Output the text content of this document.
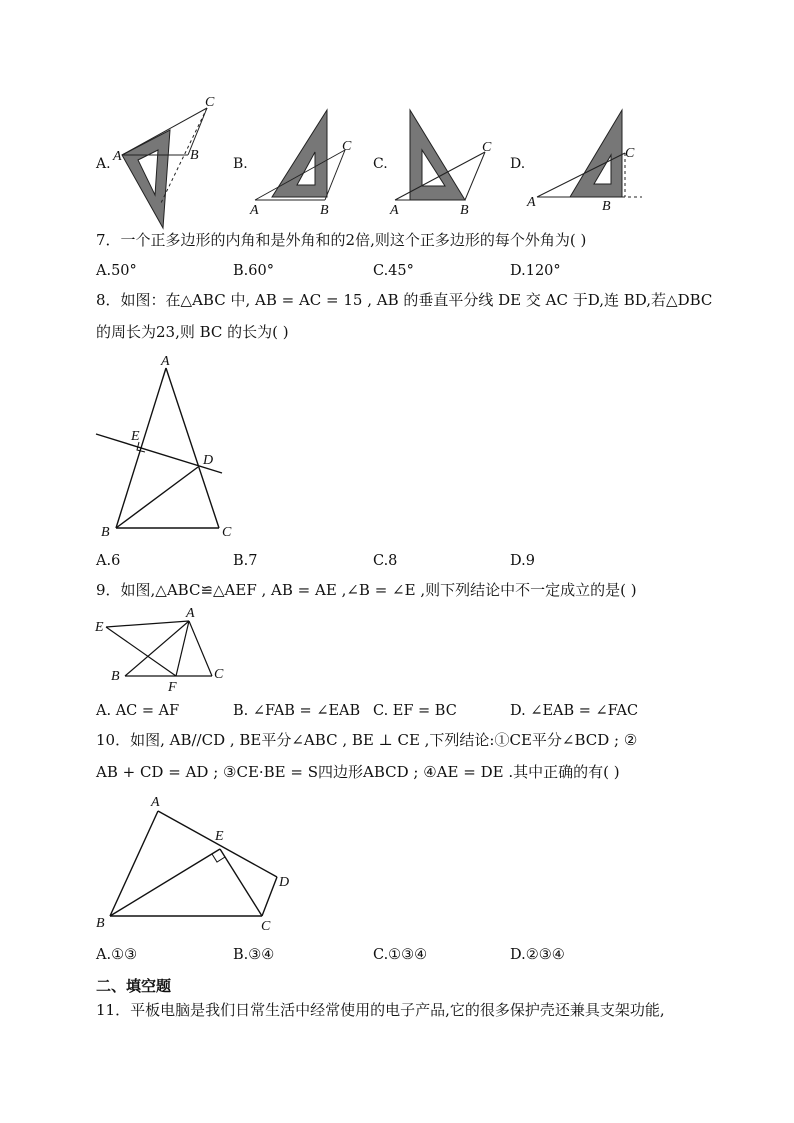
A.	B.	C.	D.
A	B
C
A	B
C
A	B
C
A	B
C
7．一个正多边形的内角和是外角和的2倍,则这个正多边形的每个外角为( )
A.50°	B.60°	C.45°	D.120°
8．如图：在△ABC 中, AB = AC = 15 , AB 的垂直平分线 DE 交 AC 于D,连 BD,若△DBC
的周长为23,则 BC 的长为( )
A
E
D
B	C
A.6	B.7	C.8	D.9
9．如图,△ABC≌△AEF , AB = AE ,∠B = ∠E ,则下列结论中不一定成立的是( )
A
E
B
F
C
A. AC = AF	B. ∠FAB = ∠EAB C. EF = BC	D. ∠EAB = ∠FAC
10．如图, AB//CD , BE平分∠ABC , BE ⊥ CE ,下列结论:①CE平分∠BCD ; ②
AB + CD = AD ; ③CE·BE = S四边形ABCD ; ④AE = DE .其中正确的有( )
A
E
D
B	C
A.①③	B.③④	C.①③④	D.②③④
二、填空题
11．平板电脑是我们日常生活中经常使用的电子产品,它的很多保护壳还兼具支架功能,
